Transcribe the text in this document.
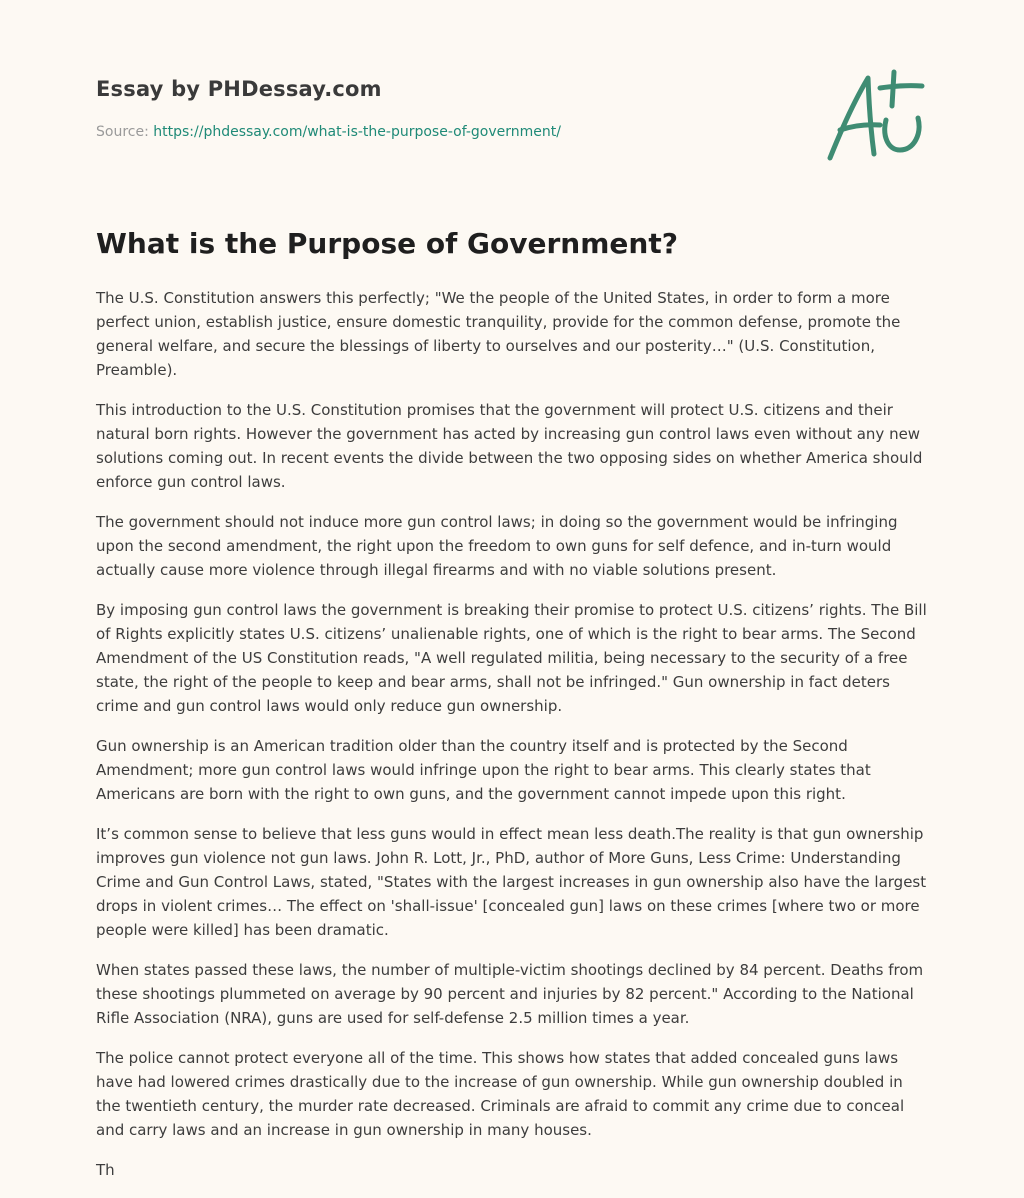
Essay by PHDessay.com
Source: https://phdessay.com/what-is-the-purpose-of-government/
What is the Purpose of Government?

The U.S. Constitution answers this perfectly; "We the people of the United States, in order to form a more perfect union, establish justice, ensure domestic tranquility, provide for the common defense, promote the general welfare, and secure the blessings of liberty to ourselves and our posterity…" (U.S. Constitution, Preamble).

This introduction to the U.S. Constitution promises that the government will protect U.S. citizens and their natural born rights. However the government has acted by increasing gun control laws even without any new solutions coming out. In recent events the divide between the two opposing sides on whether America should enforce gun control laws.

The government should not induce more gun control laws; in doing so the government would be infringing upon the second amendment, the right upon the freedom to own guns for self defence, and in-turn would actually cause more violence through illegal firearms and with no viable solutions present.

By imposing gun control laws the government is breaking their promise to protect U.S. citizens’ rights. The Bill of Rights explicitly states U.S. citizens’ unalienable rights, one of which is the right to bear arms. The Second Amendment of the US Constitution reads, "A well regulated militia, being necessary to the security of a free state, the right of the people to keep and bear arms, shall not be infringed." Gun ownership in fact deters crime and gun control laws would only reduce gun ownership.

Gun ownership is an American tradition older than the country itself and is protected by the Second Amendment; more gun control laws would infringe upon the right to bear arms. This clearly states that Americans are born with the right to own guns, and the government cannot impede upon this right.

It’s common sense to believe that less guns would in effect mean less death.The reality is that gun ownership improves gun violence not gun laws. John R. Lott, Jr., PhD, author of More Guns, Less Crime: Understanding Crime and Gun Control Laws, stated, "States with the largest increases in gun ownership also have the largest drops in violent crimes… The effect on 'shall-issue' [concealed gun] laws on these crimes [where two or more people were killed] has been dramatic.

When states passed these laws, the number of multiple-victim shootings declined by 84 percent. Deaths from these shootings plummeted on average by 90 percent and injuries by 82 percent." According to the National Rifle Association (NRA), guns are used for self-defense 2.5 million times a year.

The police cannot protect everyone all of the time. This shows how states that added concealed guns laws have had lowered crimes drastically due to the increase of gun ownership. While gun ownership doubled in the twentieth century, the murder rate decreased. Criminals are afraid to commit any crime due to conceal and carry laws and an increase in gun ownership in many houses.

Th
